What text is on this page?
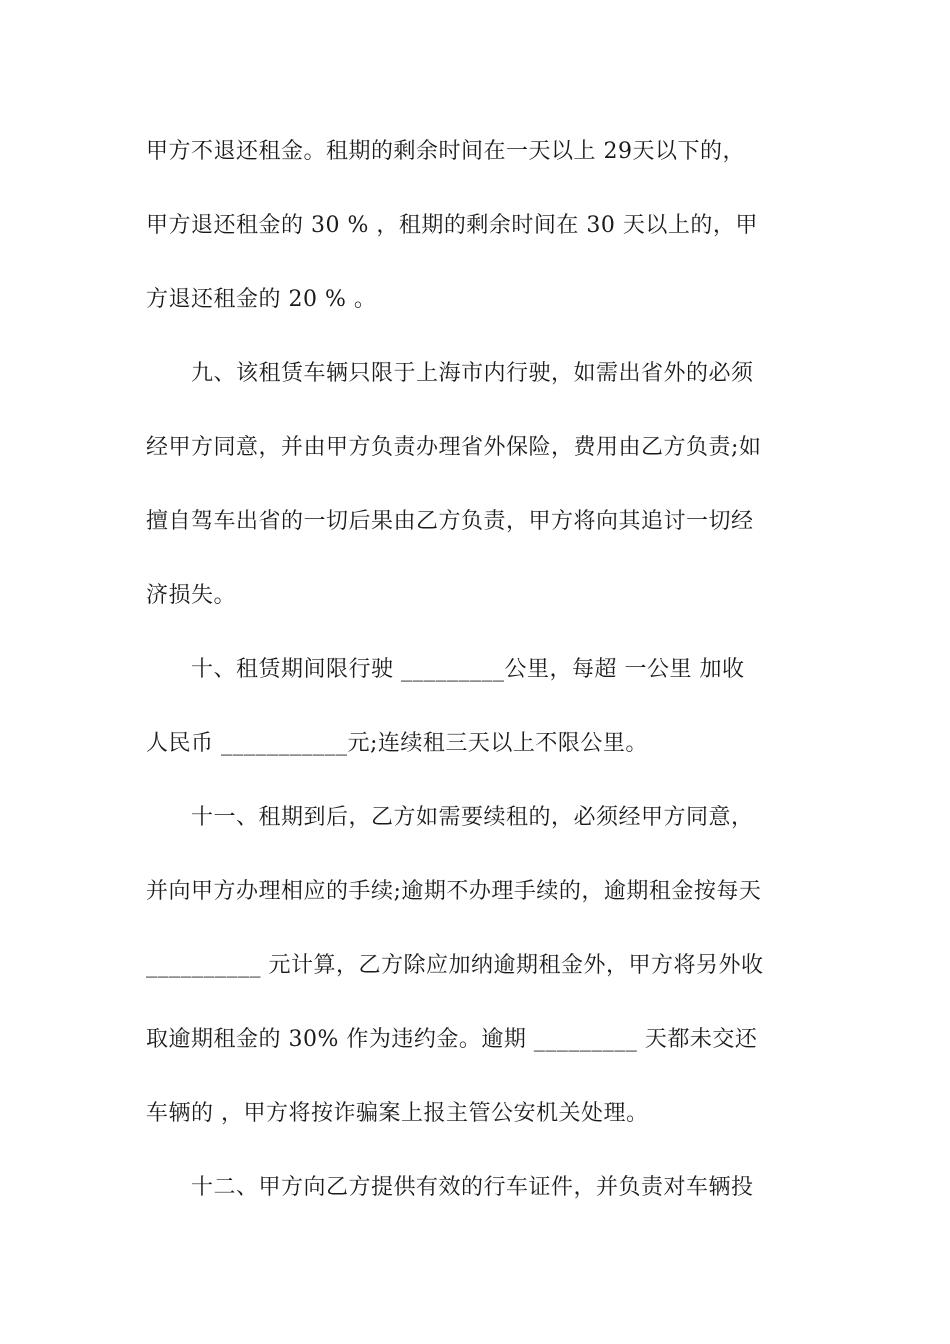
甲方不退还租金。租期的剩余时间在一天以上 29天以下的，
甲方退还租金的 30 % ，租期的剩余时间在 30 天以上的，甲
方退还租金的 20 % 。
　　九、该租赁车辆只限于上海市内行驶，如需出省外的必须
经甲方同意，并由甲方负责办理省外保险，费用由乙方负责;如
擅自驾车出省的一切后果由乙方负责，甲方将向其追讨一切经
济损失。
　　十、租赁期间限行驶 _________公里，每超 一公里 加收
人民币 ___________元;连续租三天以上不限公里。
　　十一、租期到后，乙方如需要续租的，必须经甲方同意，
并向甲方办理相应的手续;逾期不办理手续的，逾期租金按每天
__________ 元计算，乙方除应加纳逾期租金外，甲方将另外收
取逾期租金的 30% 作为违约金。逾期 _________ 天都未交还
车辆的 ，甲方将按诈骗案上报主管公安机关处理。
　　十二、甲方向乙方提供有效的行车证件，并负责对车辆投
